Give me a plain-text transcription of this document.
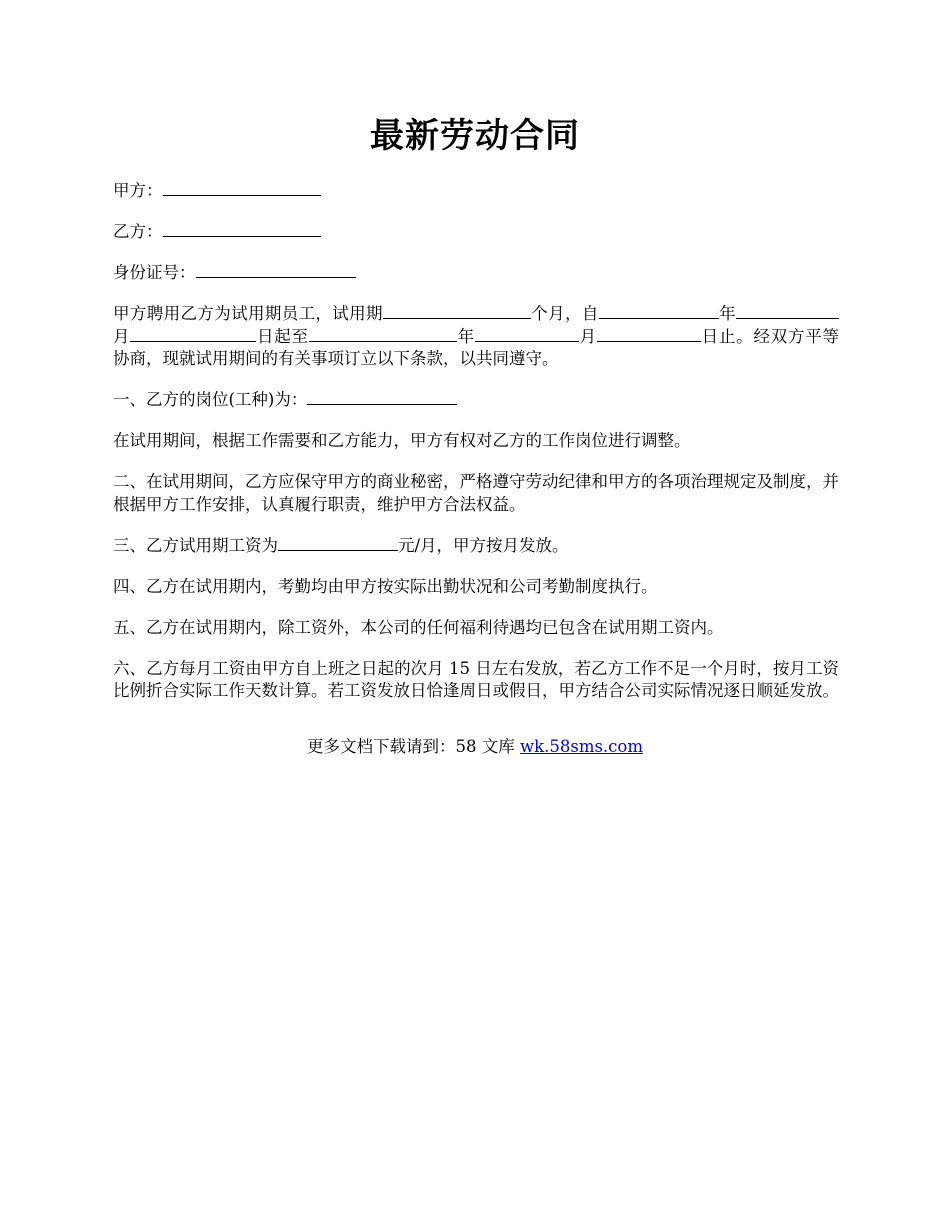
最新劳动合同

甲方：

乙方：

身份证号：

甲方聘用乙方为试用期员工，试用期	个月，自	年月	日起至	年	月	日止。经双方平等协商，现就试用期间的有关事项订立以下条款，以共同遵守。

一、乙方的岗位(工种)为：

在试用期间，根据工作需要和乙方能力，甲方有权对乙方的工作岗位进行调整。

二、在试用期间，乙方应保守甲方的商业秘密，严格遵守劳动纪律和甲方的各项治理规定及制度，并根据甲方工作安排，认真履行职责，维护甲方合法权益。

三、乙方试用期工资为	元/月，甲方按月发放。

四、乙方在试用期内，考勤均由甲方按实际出勤状况和公司考勤制度执行。

五、乙方在试用期内，除工资外，本公司的任何福利待遇均已包含在试用期工资内。

六、乙方每月工资由甲方自上班之日起的次月 15 日左右发放，若乙方工作不足一个月时，按月工资比例折合实际工作天数计算。若工资发放日恰逢周日或假日，甲方结合公司实际情况逐日顺延发放。

更多文档下载请到：58 文库 wk.58sms.com
